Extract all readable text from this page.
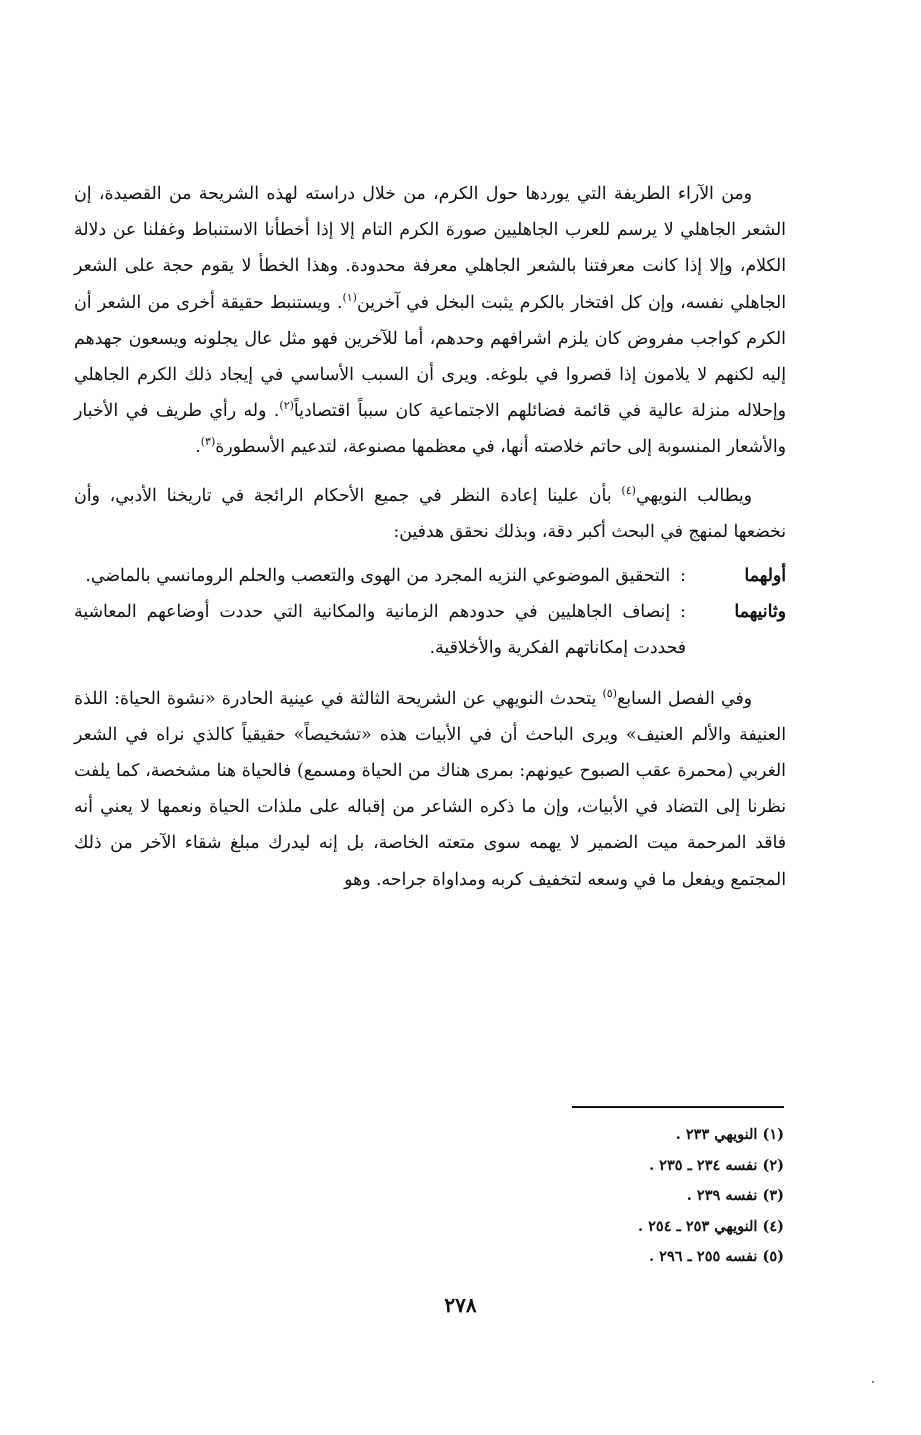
ومن الآراء الطريفة التي يوردها حول الكرم، من خلال دراسته لهذه الشريحة من القصيدة، إن الشعر الجاهلي لا يرسم للعرب الجاهليين صورة الكرم التام إلا إذا أخطأنا الاستنباط وغفلنا عن دلالة الكلام، وإلا إذا كانت معرفتنا بالشعر الجاهلي معرفة محدودة. وهذا الخطأ لا يقوم حجة على الشعر الجاهلي نفسه، وإن كل افتخار بالكرم يثبت البخل في آخرين$^{(١)}$. ويستنبط حقيقة أخرى من الشعر أن الكرم كواجب مفروض كان يلزم اشرافهم وحدهم، أما للآخرين فهو مثل عال يجلونه ويسعون جهدهم إليه لكنهم لا يلامون إذا قصروا في بلوغه. ويرى أن السبب الأساسي في إيجاد ذلك الكرم الجاهلي وإحلاله منزلة عالية في قائمة فضائلهم الاجتماعية كان سبباً اقتصادياً$^{(٢)}$. وله رأي طريف في الأخبار والأشعار المنسوبة إلى حاتم خلاصته أنها، في معظمها مصنوعة، لتدعيم الأسطورة$^{(٣)}$.

ويطالب النويهي$^{(٤)}$ بأن علينا إعادة النظر في جميع الأحكام الرائجة في تاريخنا الأدبي، وأن نخضعها لمنهج في البحث أكبر دقة، وبذلك نحقق هدفين:

أولهما
:التحقيق الموضوعي النزيه المجرد من الهوى والتعصب والحلم الرومانسي بالماضي.
وثانيهما
:إنصاف الجاهليين في حدودهم الزمانية والمكانية التي حددت أوضاعهم المعاشية فحددت إمكاناتهم الفكرية والأخلاقية.

وفي الفصل السابع$^{(٥)}$ يتحدث النويهي عن الشريحة الثالثة في عينية الحادرة «نشوة الحياة: اللذة العنيفة والألم العنيف» ويرى الباحث أن في الأبيات هذه «تشخيصاً» حقيقياً كالذي نراه في الشعر الغربي (محمرة عقب الصبوح عيونهم: بمرى هناك من الحياة ومسمع) فالحياة هنا مشخصة، كما يلفت نظرنا إلى التضاد في الأبيات، وإن ما ذكره الشاعر من إقباله على ملذات الحياة ونعمها لا يعني أنه فاقد المرحمة ميت الضمير لا يهمه سوى متعته الخاصة، بل إنه ليدرك مبلغ شقاء الآخر من ذلك المجتمع ويفعل ما في وسعه لتخفيف كربه ومداواة جراحه. وهو

(١) النويهي ٢٣٣ .
(٢) نفسه ٢٣٤ ـ ٢٣٥ .
(٣) نفسه ٢٣٩ .
(٤) النويهي ٢٥٣ ـ ٢٥٤ .
(٥) نفسه ٢٥٥ ـ ٢٩٦ .
٢٧٨
